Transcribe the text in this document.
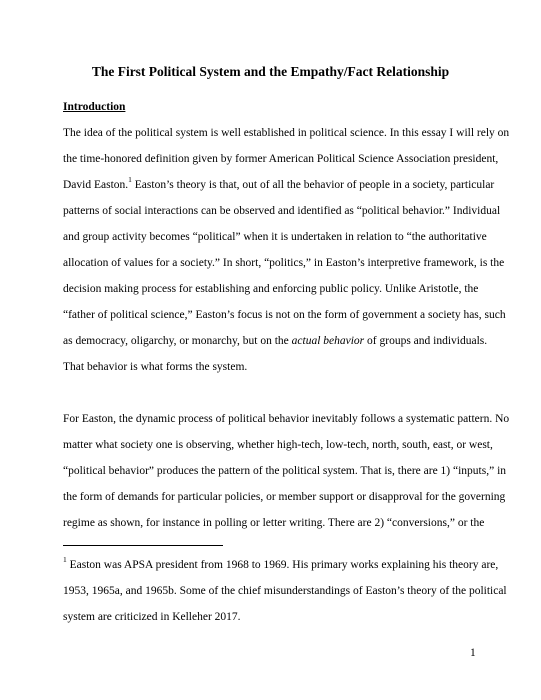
The First Political System and the Empathy/Fact Relationship
Introduction
The idea of the political system is well established in political science. In this essay I will rely on
the time-honored definition given by former American Political Science Association president,
David Easton.$^1$ Easton’s theory is that, out of all the behavior of people in a society, particular
patterns of social interactions can be observed and identified as “political behavior.” Individual
and group activity becomes “political” when it is undertaken in relation to “the authoritative
allocation of values for a society.” In short, “politics,” in Easton’s interpretive framework, is the
decision making process for establishing and enforcing public policy. Unlike Aristotle, the
“father of political science,” Easton’s focus is not on the form of government a society has, such
as democracy, oligarchy, or monarchy, but on the actual behavior of groups and individuals.
That behavior is what forms the system.
For Easton, the dynamic process of political behavior inevitably follows a systematic pattern. No
matter what society one is observing, whether high-tech, low-tech, north, south, east, or west,
“political behavior” produces the pattern of the political system. That is, there are 1) “inputs,” in
the form of demands for particular policies, or member support or disapproval for the governing
regime as shown, for instance in polling or letter writing. There are 2) “conversions,” or the
$^1$ Easton was APSA president from 1968 to 1969. His primary works explaining his theory are,
1953, 1965a, and 1965b. Some of the chief misunderstandings of Easton’s theory of the political
system are criticized in Kelleher 2017.
1
